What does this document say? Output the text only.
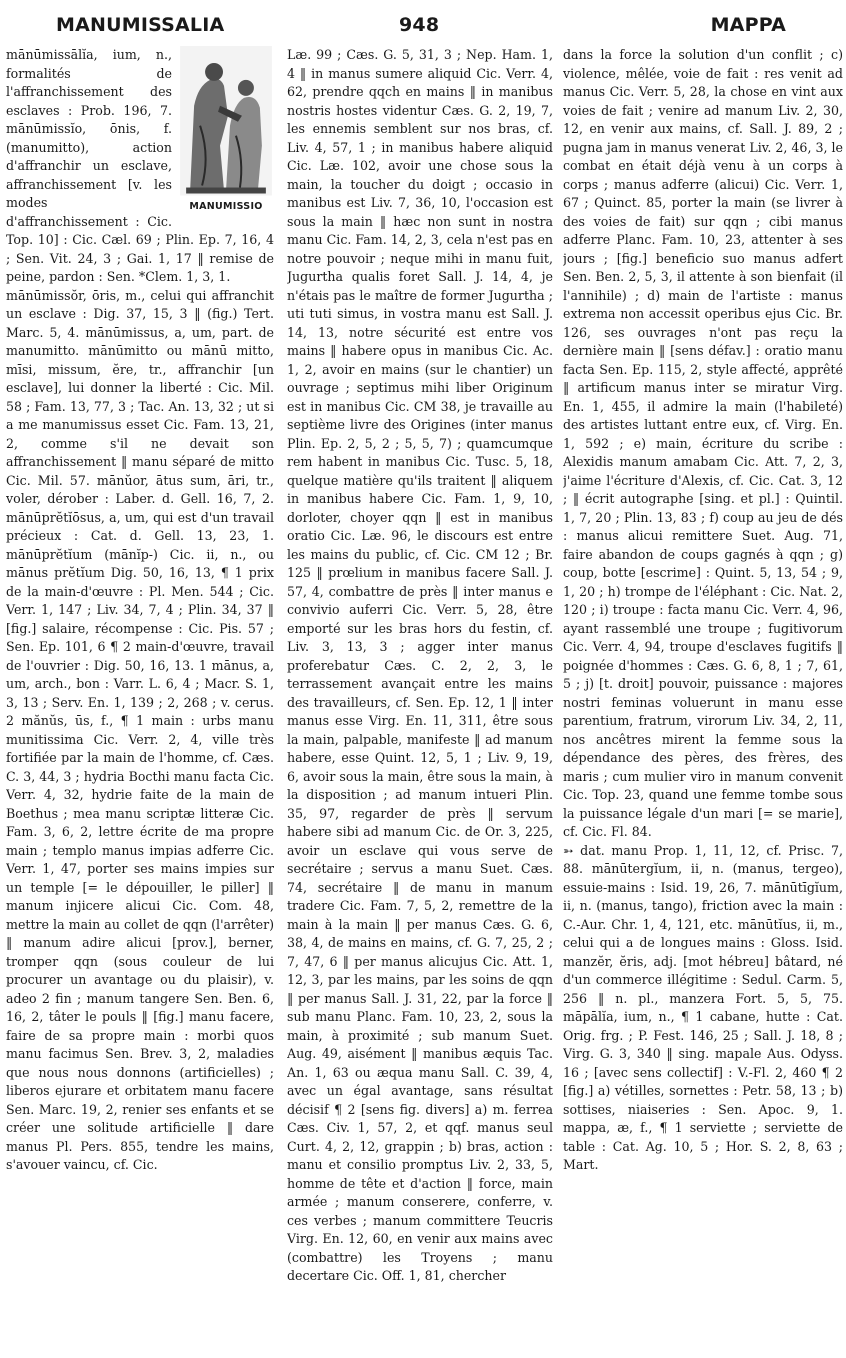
MANUMISSALIA	948	MAPPA
MANUMISSIO

mānūmissālĭa, ium, n., formalités de l'affranchissement des esclaves : Prob. 196, 7. mānūmissĭo, ōnis, f. (manumitto), action d'affranchir un esclave, affranchissement [v. les modes d'affranchissement : Cic. Top. 10] : Cic. Cæl. 69 ; Plin. Ep. 7, 16, 4 ; Sen. Vit. 24, 3 ; Gai. 1, 17 ‖ remise de peine, pardon : Sen. *Clem. 1, 3, 1.

mānūmissŏr, ōris, m., celui qui affranchit un esclave : Dig. 37, 15, 3 ‖ (fig.) Tert. Marc. 5, 4. mānūmissus, a, um, part. de manumitto. mānūmitto ou mānū mitto, mīsi, missum, ĕre, tr., affranchir [un esclave], lui donner la liberté : Cic. Mil. 58 ; Fam. 13, 77, 3 ; Tac. An. 13, 32 ; ut si a me manumissus esset Cic. Fam. 13, 21, 2, comme s'il ne devait son affranchissement ‖ manu séparé de mitto Cic. Mil. 57. mānŭor, ātus sum, āri, tr., voler, dérober : Laber. d. Gell. 16, 7, 2. mānūprĕtĭōsus, a, um, qui est d'un travail précieux : Cat. d. Gell. 13, 23, 1. mānūprĕtĭum (mānĭp-) Cic. ii, n., ou mānus prĕtĭum Dig. 50, 16, 13, ¶ 1 prix de la main-d'œuvre : Pl. Men. 544 ; Cic. Verr. 1, 147 ; Liv. 34, 7, 4 ; Plin. 34, 37 ‖ [fig.] salaire, récompense : Cic. Pis. 57 ; Sen. Ep. 101, 6 ¶ 2 main-d'œuvre, travail de l'ouvrier : Dig. 50, 16, 13. 1 mānus, a, um, arch., bon : Varr. L. 6, 4 ; Macr. S. 1, 3, 13 ; Serv. En. 1, 139 ; 2, 268 ; v. cerus. 2 mănŭs, ūs, f., ¶ 1 main : urbs manu munitissima Cic. Verr. 2, 4, ville très fortifiée par la main de l'homme, cf. Cæs. C. 3, 44, 3 ; hydria Bocthi manu facta Cic. Verr. 4, 32, hydrie faite de la main de Boethus ; mea manu scriptæ litteræ Cic. Fam. 3, 6, 2, lettre écrite de ma propre main ; templo manus impias adferre Cic. Verr. 1, 47, porter ses mains impies sur un temple [= le dépouiller, le piller] ‖ manum injicere alicui Cic. Com. 48, mettre la main au collet de qqn (l'arrêter) ‖ manum adire alicui [prov.], berner, tromper qqn (sous couleur de lui procurer un avantage ou du plaisir), v. adeo 2 fin ; manum tangere Sen. Ben. 6, 16, 2, tâter le pouls ‖ [fig.] manu facere, faire de sa propre main : morbi quos manu facimus Sen. Brev. 3, 2, maladies que nous nous donnons (artificielles) ; liberos ejurare et orbitatem manu facere Sen. Marc. 19, 2, renier ses enfants et se créer une solitude artificielle ‖ dare manus Pl. Pers. 855, tendre les mains, s'avouer vaincu, cf. Cic.

Læ. 99 ; Cæs. G. 5, 31, 3 ; Nep. Ham. 1, 4 ‖ in manus sumere aliquid Cic. Verr. 4, 62, prendre qqch en mains ‖ in manibus nostris hostes videntur Cæs. G. 2, 19, 7, les ennemis semblent sur nos bras, cf. Liv. 4, 57, 1 ; in manibus habere aliquid Cic. Læ. 102, avoir une chose sous la main, la toucher du doigt ; occasio in manibus est Liv. 7, 36, 10, l'occasion est sous la main ‖ hæc non sunt in nostra manu Cic. Fam. 14, 2, 3, cela n'est pas en notre pouvoir ; neque mihi in manu fuit, Jugurtha qualis foret Sall. J. 14, 4, je n'étais pas le maître de former Jugurtha ; uti tuti simus, in vostra manu est Sall. J. 14, 13, notre sécurité est entre vos mains ‖ habere opus in manibus Cic. Ac. 1, 2, avoir en mains (sur le chantier) un ouvrage ; septimus mihi liber Originum est in manibus Cic. CM 38, je travaille au septième livre des Origines (inter manus Plin. Ep. 2, 5, 2 ; 5, 5, 7) ; quamcumque rem habent in manibus Cic. Tusc. 5, 18, quelque matière qu'ils traitent ‖ aliquem in manibus habere Cic. Fam. 1, 9, 10, dorloter, choyer qqn ‖ est in manibus oratio Cic. Læ. 96, le discours est entre les mains du public, cf. Cic. CM 12 ; Br. 125 ‖ prœlium in manibus facere Sall. J. 57, 4, combattre de près ‖ inter manus e convivio auferri Cic. Verr. 5, 28, être emporté sur les bras hors du festin, cf. Liv. 3, 13, 3 ; agger inter manus proferebatur Cæs. C. 2, 2, 3, le terrassement avançait entre les mains des travailleurs, cf. Sen. Ep. 12, 1 ‖ inter manus esse Virg. En. 11, 311, être sous la main, palpable, manifeste ‖ ad manum habere, esse Quint. 12, 5, 1 ; Liv. 9, 19, 6, avoir sous la main, être sous la main, à la disposition ; ad manum intueri Plin. 35, 97, regarder de près ‖ servum habere sibi ad manum Cic. de Or. 3, 225, avoir un esclave qui vous serve de secrétaire ; servus a manu Suet. Cæs. 74, secrétaire ‖ de manu in manum tradere Cic. Fam. 7, 5, 2, remettre de la main à la main ‖ per manus Cæs. G. 6, 38, 4, de mains en mains, cf. G. 7, 25, 2 ; 7, 47, 6 ‖ per manus alicujus Cic. Att. 1, 12, 3, par les mains, par les soins de qqn ‖ per manus Sall. J. 31, 22, par la force ‖ sub manu Planc. Fam. 10, 23, 2, sous la main, à proximité ; sub manum Suet. Aug. 49, aisément ‖ manibus æquis Tac. An. 1, 63 ou æqua manu Sall. C. 39, 4, avec un égal avantage, sans résultat décisif ¶ 2 [sens fig. divers] a) m. ferrea Cæs. Civ. 1, 57, 2, et qqf. manus seul Curt. 4, 2, 12, grappin ; b) bras, action : manu et consilio promptus Liv. 2, 33, 5, homme de tête et d'action ‖ force, main armée ; manum conserere, conferre, v. ces verbes ; manum committere Teucris Virg. En. 12, 60, en venir aux mains avec (combattre) les Troyens ; manu decertare Cic. Off. 1, 81, chercher

dans la force la solution d'un conflit ; c) violence, mêlée, voie de fait : res venit ad manus Cic. Verr. 5, 28, la chose en vint aux voies de fait ; venire ad manum Liv. 2, 30, 12, en venir aux mains, cf. Sall. J. 89, 2 ; pugna jam in manus venerat Liv. 2, 46, 3, le combat en était déjà venu à un corps à corps ; manus adferre (alicui) Cic. Verr. 1, 67 ; Quinct. 85, porter la main (se livrer à des voies de fait) sur qqn ; cibi manus adferre Planc. Fam. 10, 23, attenter à ses jours ; [fig.] beneficio suo manus adfert Sen. Ben. 2, 5, 3, il attente à son bienfait (il l'annihile) ; d) main de l'artiste : manus extrema non accessit operibus ejus Cic. Br. 126, ses ouvrages n'ont pas reçu la dernière main ‖ [sens défav.] : oratio manu facta Sen. Ep. 115, 2, style affecté, apprêté ‖ artificum manus inter se miratur Virg. En. 1, 455, il admire la main (l'habileté) des artistes luttant entre eux, cf. Virg. En. 1, 592 ; e) main, écriture du scribe : Alexidis manum amabam Cic. Att. 7, 2, 3, j'aime l'écriture d'Alexis, cf. Cic. Cat. 3, 12 ; ‖ écrit autographe [sing. et pl.] : Quintil. 1, 7, 20 ; Plin. 13, 83 ; f) coup au jeu de dés : manus alicui remittere Suet. Aug. 71, faire abandon de coups gagnés à qqn ; g) coup, botte [escrime] : Quint. 5, 13, 54 ; 9, 1, 20 ; h) trompe de l'éléphant : Cic. Nat. 2, 120 ; i) troupe : facta manu Cic. Verr. 4, 96, ayant rassemblé une troupe ; fugitivorum Cic. Verr. 4, 94, troupe d'esclaves fugitifs ‖ poignée d'hommes : Cæs. G. 6, 8, 1 ; 7, 61, 5 ; j) [t. droit] pouvoir, puissance : majores nostri feminas voluerunt in manu esse parentium, fratrum, virorum Liv. 34, 2, 11, nos ancêtres mirent la femme sous la dépendance des pères, des frères, des maris ; cum mulier viro in manum convenit Cic. Top. 23, quand une femme tombe sous la puissance légale d'un mari [= se marie], cf. Cic. Fl. 84.

➳ dat. manu Prop. 1, 11, 12, cf. Prisc. 7, 88. mānūtergĭum, ii, n. (manus, tergeo), essuie-mains : Isid. 19, 26, 7. mānūtīgĭum, ii, n. (manus, tango), friction avec la main : C.-Aur. Chr. 1, 4, 121, etc. mānūtĭus, ii, m., celui qui a de longues mains : Gloss. Isid. manzĕr, ĕris, adj. [mot hébreu] bâtard, né d'un commerce illégitime : Sedul. Carm. 5, 256 ‖ n. pl., manzera Fort. 5, 5, 75. māpālĭa, ium, n., ¶ 1 cabane, hutte : Cat. Orig. frg. ; P. Fest. 146, 25 ; Sall. J. 18, 8 ; Virg. G. 3, 340 ‖ sing. mapale Aus. Odyss. 16 ; [avec sens collectif] : V.-Fl. 2, 460 ¶ 2 [fig.] a) vétilles, sornettes : Petr. 58, 13 ; b) sottises, niaiseries : Sen. Apoc. 9, 1. mappa, æ, f., ¶ 1 serviette ; serviette de table : Cat. Ag. 10, 5 ; Hor. S. 2, 8, 63 ; Mart.
